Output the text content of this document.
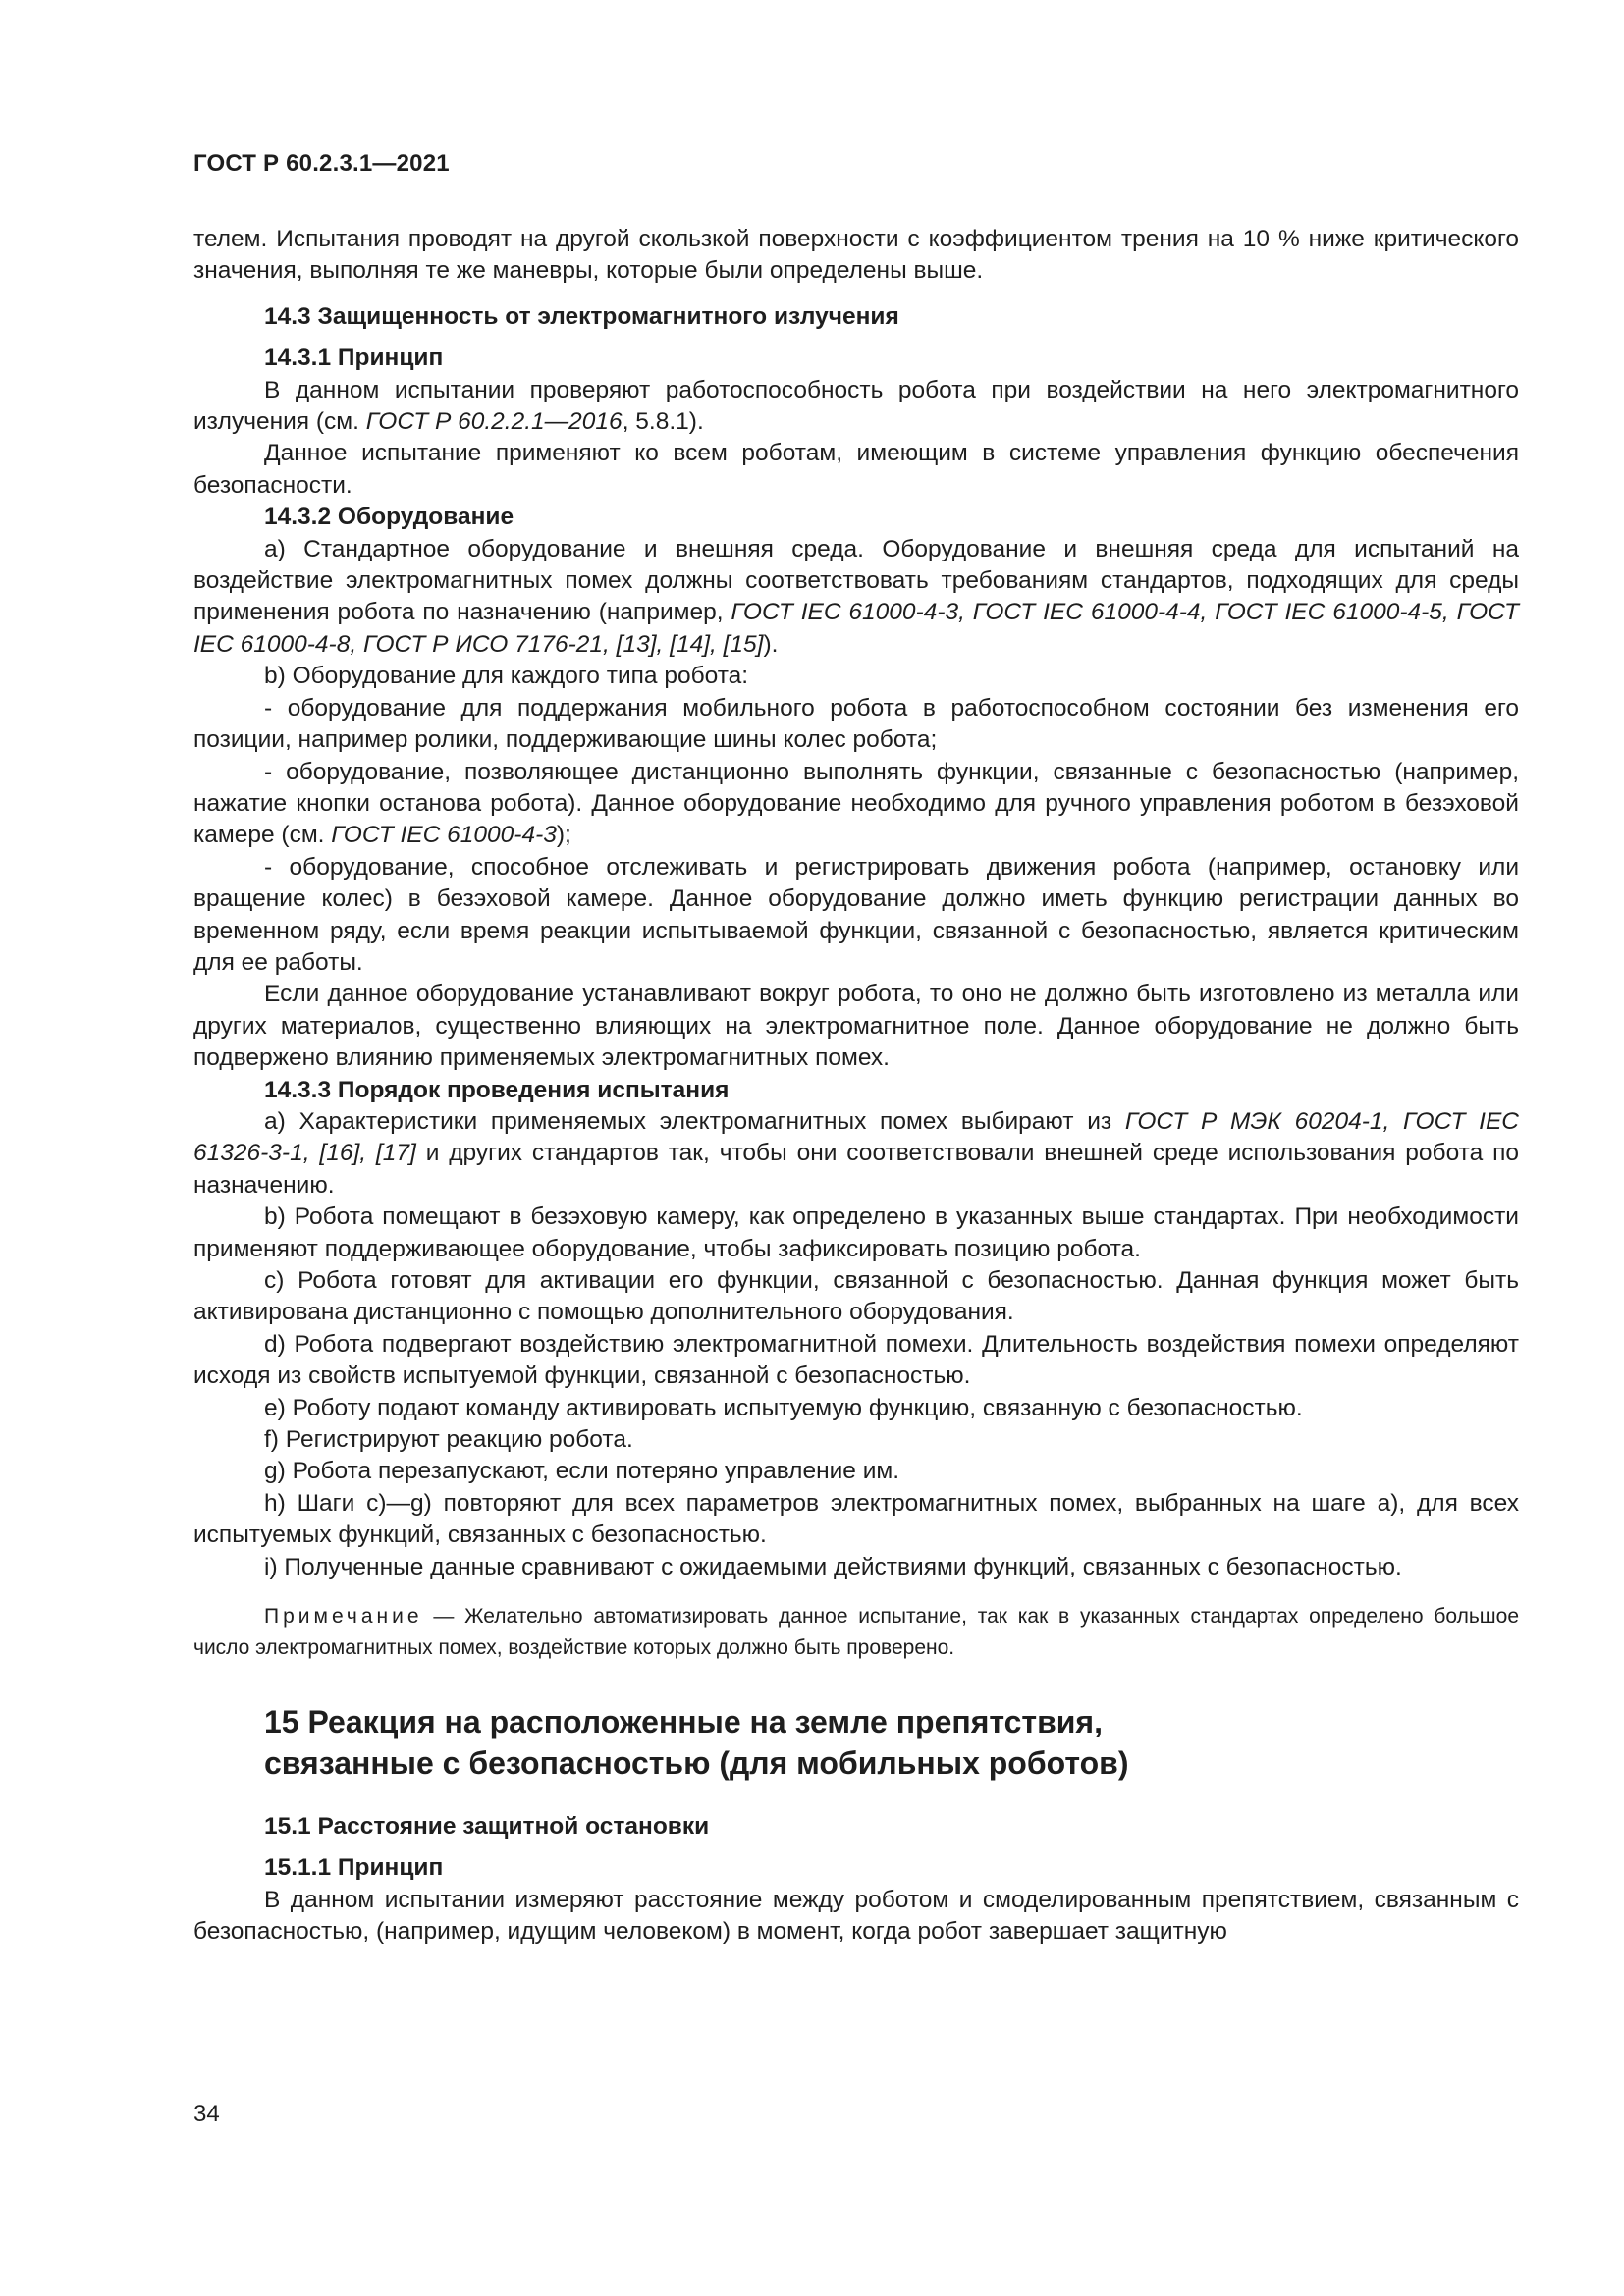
ГОСТ Р 60.2.3.1—2021

телем. Испытания проводят на другой скользкой поверхности с коэффициентом трения на 10 % ниже критического значения, выполняя те же маневры, которые были определены выше.

14.3 Защищенность от электромагнитного излучения

14.3.1 Принцип

В данном испытании проверяют работоспособность робота при воздействии на него электромагнитного излучения (см. ГОСТ Р 60.2.2.1—2016, 5.8.1).

Данное испытание применяют ко всем роботам, имеющим в системе управления функцию обеспечения безопасности.

14.3.2 Оборудование

а) Стандартное оборудование и внешняя среда. Оборудование и внешняя среда для испытаний на воздействие электромагнитных помех должны соответствовать требованиям стандартов, подходящих для среды применения робота по назначению (например, ГОСТ IEC 61000-4-3, ГОСТ IEC 61000-4-4, ГОСТ IEC 61000-4-5, ГОСТ IEC 61000-4-8, ГОСТ Р ИСО 7176-21, [13], [14], [15]).

b) Оборудование для каждого типа робота:

- оборудование для поддержания мобильного робота в работоспособном состоянии без изменения его позиции, например ролики, поддерживающие шины колес робота;

- оборудование, позволяющее дистанционно выполнять функции, связанные с безопасностью (например, нажатие кнопки останова робота). Данное оборудование необходимо для ручного управления роботом в безэховой камере (см. ГОСТ IEC 61000-4-3);

- оборудование, способное отслеживать и регистрировать движения робота (например, остановку или вращение колес) в безэховой камере. Данное оборудование должно иметь функцию регистрации данных во временном ряду, если время реакции испытываемой функции, связанной с безопасностью, является критическим для ее работы.

Если данное оборудование устанавливают вокруг робота, то оно не должно быть изготовлено из металла или других материалов, существенно влияющих на электромагнитное поле. Данное оборудование не должно быть подвержено влиянию применяемых электромагнитных помех.

14.3.3 Порядок проведения испытания

а) Характеристики применяемых электромагнитных помех выбирают из ГОСТ Р МЭК 60204-1, ГОСТ IEC 61326-3-1, [16], [17] и других стандартов так, чтобы они соответствовали внешней среде использования робота по назначению.

b) Робота помещают в безэховую камеру, как определено в указанных выше стандартах. При необходимости применяют поддерживающее оборудование, чтобы зафиксировать позицию робота.

c) Робота готовят для активации его функции, связанной с безопасностью. Данная функция может быть активирована дистанционно с помощью дополнительного оборудования.

d) Робота подвергают воздействию электромагнитной помехи. Длительность воздействия помехи определяют исходя из свойств испытуемой функции, связанной с безопасностью.

e) Роботу подают команду активировать испытуемую функцию, связанную с безопасностью.

f) Регистрируют реакцию робота.

g) Робота перезапускают, если потеряно управление им.

h) Шаги с)—g) повторяют для всех параметров электромагнитных помех, выбранных на шаге а), для всех испытуемых функций, связанных с безопасностью.

i) Полученные данные сравнивают с ожидаемыми действиями функций, связанных с безопасностью.

Примечание — Желательно автоматизировать данное испытание, так как в указанных стандартах определено большое число электромагнитных помех, воздействие которых должно быть проверено.

15 Реакция на расположенные на земле препятствия,
связанные с безопасностью (для мобильных роботов)

15.1 Расстояние защитной остановки

15.1.1 Принцип

В данном испытании измеряют расстояние между роботом и смоделированным препятствием, связанным с безопасностью, (например, идущим человеком) в момент, когда робот завершает защитную

34
